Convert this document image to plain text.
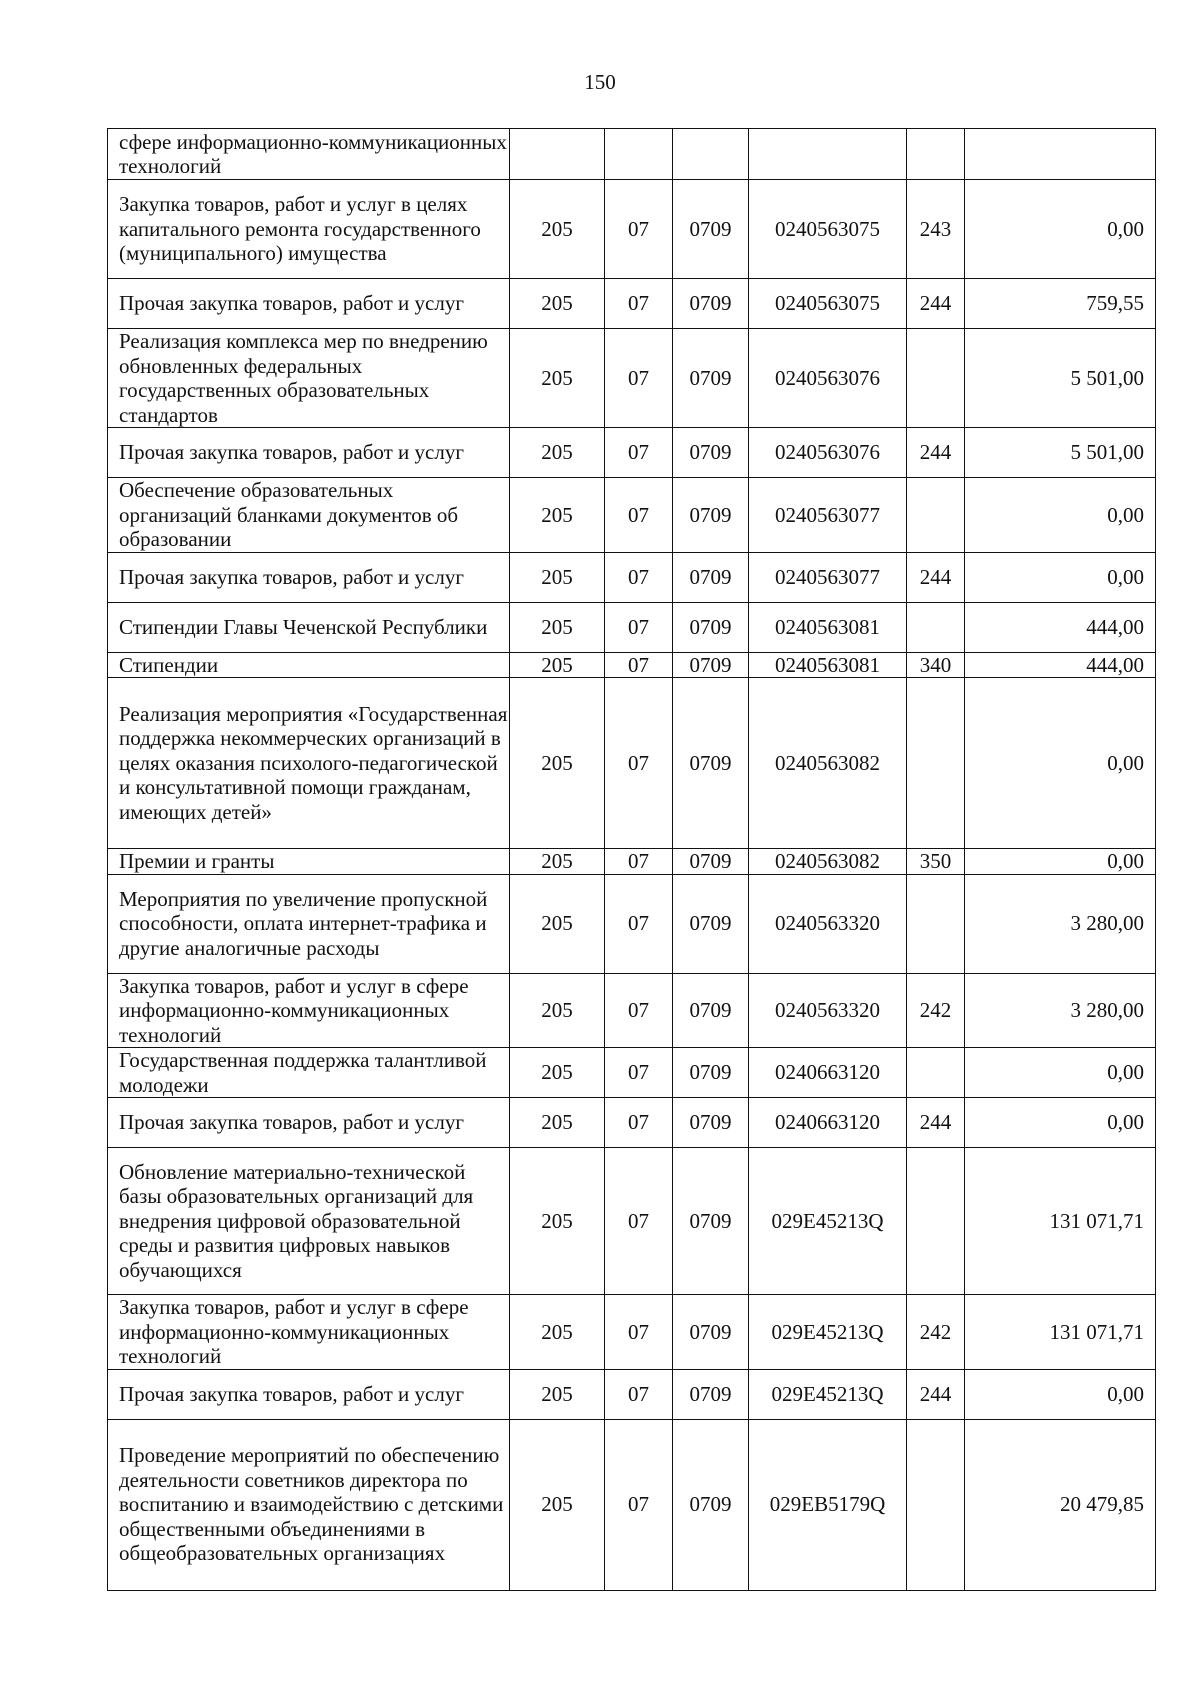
150
сфере информационно-коммуникационных технологий						
Закупка товаров, работ и услуг в целях капитального ремонта государственного (муниципального) имущества	205	07	0709	0240563075	243	0,00
Прочая закупка товаров, работ и услуг	205	07	0709	0240563075	244	759,55
Реализация комплекса мер по внедрению обновленных федеральных государственных образовательных стандартов	205	07	0709	0240563076		5 501,00
Прочая закупка товаров, работ и услуг	205	07	0709	0240563076	244	5 501,00
Обеспечение образовательных организаций бланками документов об образовании	205	07	0709	0240563077		0,00
Прочая закупка товаров, работ и услуг	205	07	0709	0240563077	244	0,00
Стипендии Главы Чеченской Республики	205	07	0709	0240563081		444,00
Стипендии	205	07	0709	0240563081	340	444,00
Реализация мероприятия «Государственная поддержка некоммерческих организаций в целях оказания психолого-педагогической и консультативной помощи гражданам, имеющих детей»	205	07	0709	0240563082		0,00
Премии и гранты	205	07	0709	0240563082	350	0,00
Мероприятия по увеличение пропускной способности, оплата интернет-трафика и другие аналогичные расходы	205	07	0709	0240563320		3 280,00
Закупка товаров, работ и услуг в сфере информационно-коммуникационных технологий	205	07	0709	0240563320	242	3 280,00
Государственная поддержка талантливой молодежи	205	07	0709	0240663120		0,00
Прочая закупка товаров, работ и услуг	205	07	0709	0240663120	244	0,00
Обновление материально-технической базы образовательных организаций для внедрения цифровой образовательной среды и развития цифровых навыков обучающихся	205	07	0709	029E45213Q		131 071,71
Закупка товаров, работ и услуг в сфере информационно-коммуникационных технологий	205	07	0709	029E45213Q	242	131 071,71
Прочая закупка товаров, работ и услуг	205	07	0709	029E45213Q	244	0,00
Проведение мероприятий по обеспечению деятельности советников директора по воспитанию и взаимодействию с детскими общественными объединениями в общеобразовательных организациях	205	07	0709	029EB5179Q		20 479,85
